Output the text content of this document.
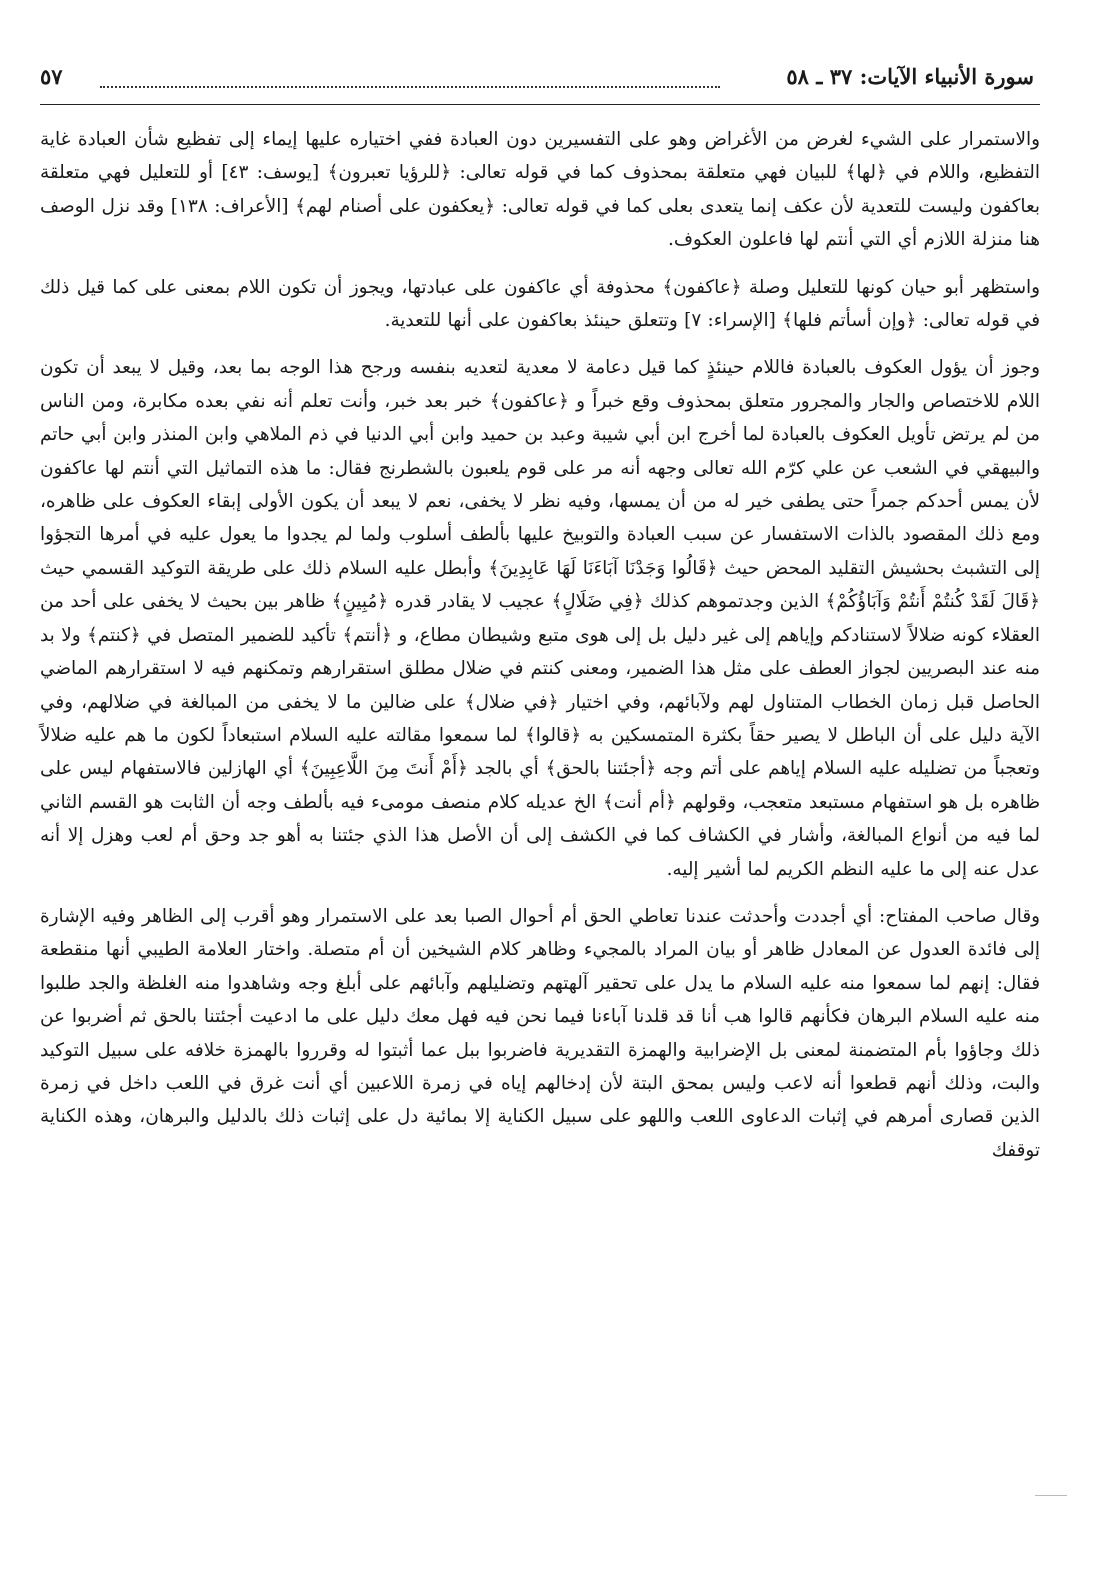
سورة الأنبياء الآيات: ٣٧ ـ ٥٨
٥٧

والاستمرار على الشيء لغرض من الأغراض وهو على التفسيرين دون العبادة ففي اختياره عليها إيماء إلى تفظيع شأن العبادة غاية التفظيع، واللام في ﴿لها﴾ للبيان فهي متعلقة بمحذوف كما في قوله تعالى: ﴿للرؤيا تعبرون﴾ [يوسف: ٤٣] أو للتعليل فهي متعلقة بعاكفون وليست للتعدية لأن عكف إنما يتعدى بعلى كما في قوله تعالى: ﴿يعكفون على أصنام لهم﴾ [الأعراف: ١٣٨] وقد نزل الوصف هنا منزلة اللازم أي التي أنتم لها فاعلون العكوف.

واستظهر أبو حيان كونها للتعليل وصلة ﴿عاكفون﴾ محذوفة أي عاكفون على عبادتها، ويجوز أن تكون اللام بمعنى على كما قيل ذلك في قوله تعالى: ﴿وإن أسأتم فلها﴾ [الإسراء: ٧] وتتعلق حينئذ بعاكفون على أنها للتعدية.

وجوز أن يؤول العكوف بالعبادة فاللام حينئذٍ كما قيل دعامة لا معدية لتعديه بنفسه ورجح هذا الوجه بما بعد، وقيل لا يبعد أن تكون اللام للاختصاص والجار والمجرور متعلق بمحذوف وقع خبراً و ﴿عاكفون﴾ خبر بعد خبر، وأنت تعلم أنه نفي بعده مكابرة، ومن الناس من لم يرتض تأويل العكوف بالعبادة لما أخرج ابن أبي شيبة وعبد بن حميد وابن أبي الدنيا في ذم الملاهي وابن المنذر وابن أبي حاتم والبيهقي في الشعب عن علي كرّم الله تعالى وجهه أنه مر على قوم يلعبون بالشطرنج فقال: ما هذه التماثيل التي أنتم لها عاكفون لأن يمس أحدكم جمراً حتى يطفى خير له من أن يمسها، وفيه نظر لا يخفى، نعم لا يبعد أن يكون الأولى إبقاء العكوف على ظاهره، ومع ذلك المقصود بالذات الاستفسار عن سبب العبادة والتوبيخ عليها بألطف أسلوب ولما لم يجدوا ما يعول عليه في أمرها التجؤوا إلى التشبث بحشيش التقليد المحض حيث ﴿قَالُوا وَجَدْنَا آبَاءَنَا لَهَا عَابِدِينَ﴾ وأبطل عليه السلام ذلك على طريقة التوكيد القسمي حيث ﴿قَالَ لَقَدْ كُنتُمْ أَنتُمْ وَآبَاؤُكُمْ﴾ الذين وجدتموهم كذلك ﴿فِي ضَلَالٍ﴾ عجيب لا يقادر قدره ﴿مُبِينٍ﴾ ظاهر بين بحيث لا يخفى على أحد من العقلاء كونه ضلالاً لاستنادكم وإياهم إلى غير دليل بل إلى هوى متبع وشيطان مطاع، و ﴿أنتم﴾ تأكيد للضمير المتصل في ﴿كنتم﴾ ولا بد منه عند البصريين لجواز العطف على مثل هذا الضمير، ومعنى كنتم في ضلال مطلق استقرارهم وتمكنهم فيه لا استقرارهم الماضي الحاصل قبل زمان الخطاب المتناول لهم ولآبائهم، وفي اختيار ﴿في ضلال﴾ على ضالين ما لا يخفى من المبالغة في ضلالهم، وفي الآية دليل على أن الباطل لا يصير حقاً بكثرة المتمسكين به ﴿قالوا﴾ لما سمعوا مقالته عليه السلام استبعاداً لكون ما هم عليه ضلالاً وتعجباً من تضليله عليه السلام إياهم على أتم وجه ﴿أجئتنا بالحق﴾ أي بالجد ﴿أَمْ أَنتَ مِنَ اللَّاعِبِينَ﴾ أي الهازلين فالاستفهام ليس على ظاهره بل هو استفهام مستبعد متعجب، وقولهم ﴿أم أنت﴾ الخ عديله كلام منصف مومىء فيه بألطف وجه أن الثابت هو القسم الثاني لما فيه من أنواع المبالغة، وأشار في الكشاف كما في الكشف إلى أن الأصل هذا الذي جئتنا به أهو جد وحق أم لعب وهزل إلا أنه عدل عنه إلى ما عليه النظم الكريم لما أشير إليه.

وقال صاحب المفتاح: أي أجددت وأحدثت عندنا تعاطي الحق أم أحوال الصبا بعد على الاستمرار وهو أقرب إلى الظاهر وفيه الإشارة إلى فائدة العدول عن المعادل ظاهر أو بيان المراد بالمجيء وظاهر كلام الشيخين أن أم متصلة. واختار العلامة الطيبي أنها منقطعة فقال: إنهم لما سمعوا منه عليه السلام ما يدل على تحقير آلهتهم وتضليلهم وآبائهم على أبلغ وجه وشاهدوا منه الغلظة والجد طلبوا منه عليه السلام البرهان فكأنهم قالوا هب أنا قد قلدنا آباءنا فيما نحن فيه فهل معك دليل على ما ادعيت أجئتنا بالحق ثم أضربوا عن ذلك وجاؤوا بأم المتضمنة لمعنى بل الإضرابية والهمزة التقديرية فاضربوا ببل عما أثبتوا له وقرروا بالهمزة خلافه على سبيل التوكيد والبت، وذلك أنهم قطعوا أنه لاعب وليس بمحق البتة لأن إدخالهم إياه في زمرة اللاعبين أي أنت غرق في اللعب داخل في زمرة الذين قصارى أمرهم في إثبات الدعاوى اللعب واللهو على سبيل الكناية إلا بمائية دل على إثبات ذلك بالدليل والبرهان، وهذه الكناية توقفك
